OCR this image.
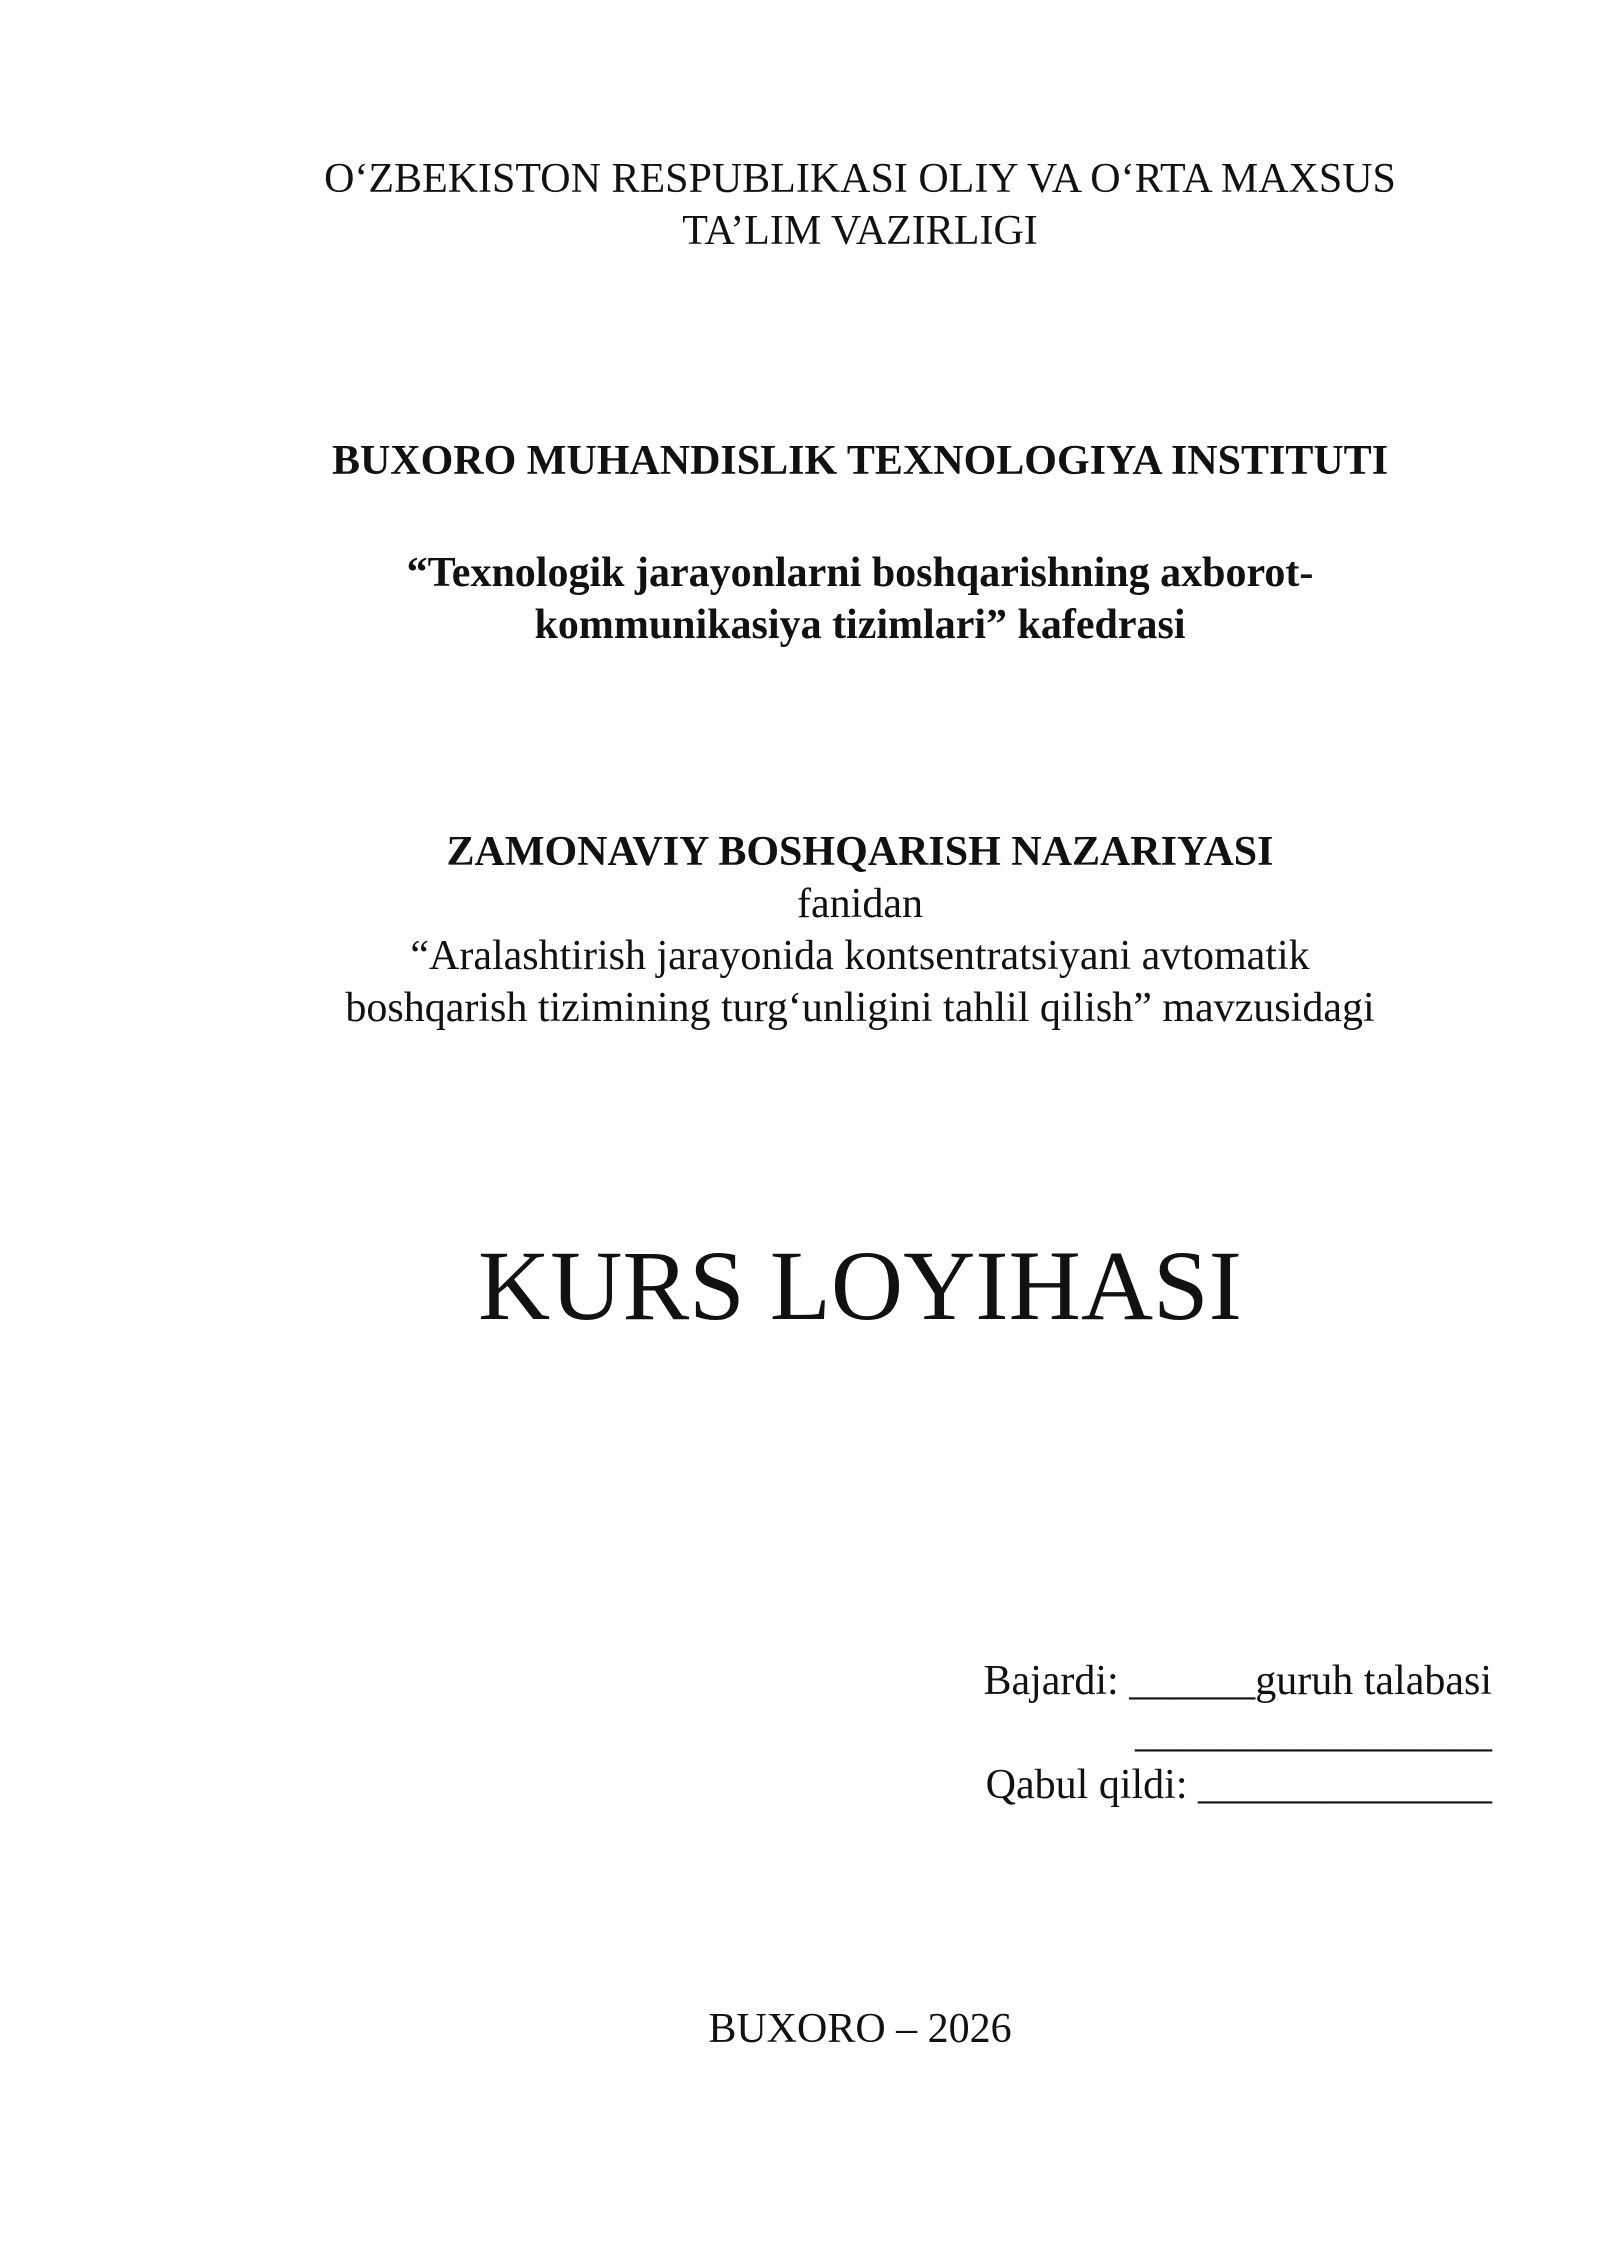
O‘ZBEKISTON RESPUBLIKASI OLIY VA O‘RTA MAXSUS
TA’LIM VAZIRLIGI
BUXORO MUHANDISLIK TEXNOLOGIYA INSTITUTI
“Texnologik jarayonlarni boshqarishning axborot-
kommunikasiya tizimlari” kafedrasi
ZAMONAVIY BOSHQARISH NAZARIYASI
fanidan
“Aralashtirish jarayonida kontsentratsiyani avtomatik
boshqarish tizimining turg‘unligini tahlil qilish” mavzusidagi
KURS LOYIHASI
Bajardi: ______guruh talabasi
_________________
Qabul qildi: ______________
BUXORO – 2026
